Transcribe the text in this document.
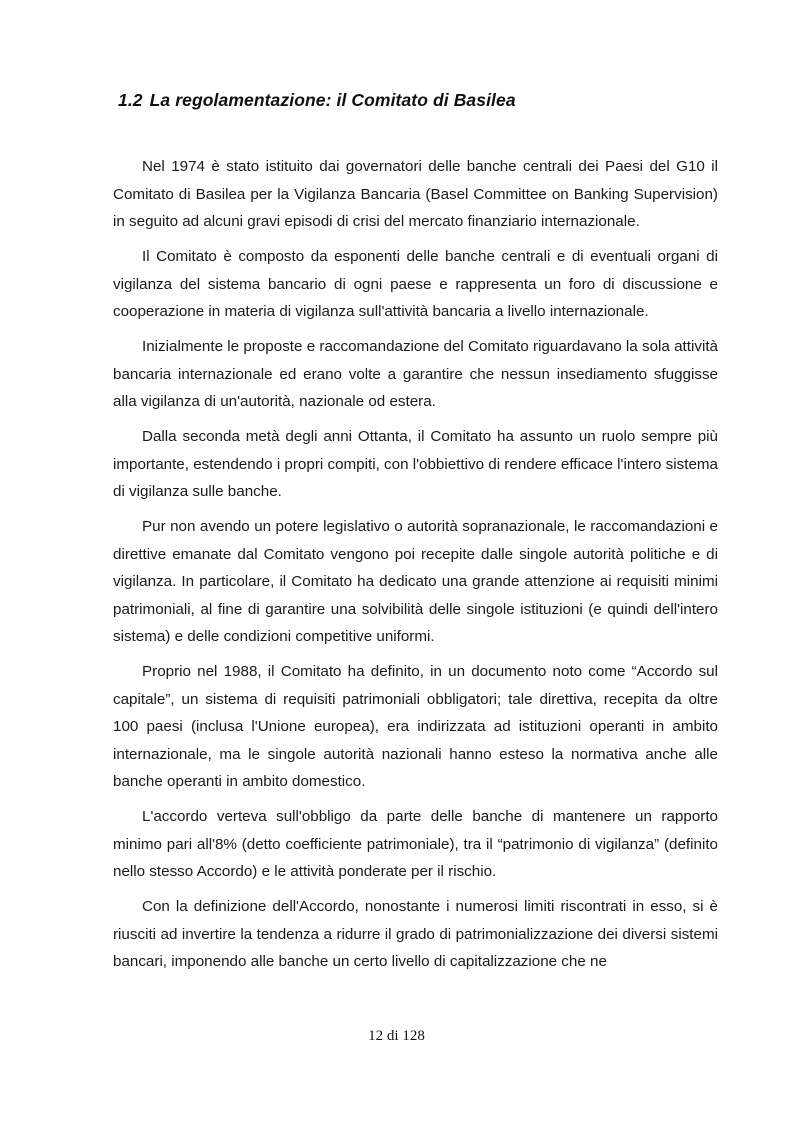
1.2 La regolamentazione: il Comitato di Basilea

Nel 1974 è stato istituito dai governatori delle banche centrali dei Paesi del G10 il Comitato di Basilea per la Vigilanza Bancaria (Basel Committee on Banking Supervision) in seguito ad alcuni gravi episodi di crisi del mercato finanziario internazionale.

Il Comitato è composto da esponenti delle banche centrali e di eventuali organi di vigilanza del sistema bancario di ogni paese e rappresenta un foro di discussione e cooperazione in materia di vigilanza sull'attività bancaria a livello internazionale.

Inizialmente le proposte e raccomandazione del Comitato riguardavano la sola attività bancaria internazionale ed erano volte a garantire che nessun insediamento sfuggisse alla vigilanza di un'autorità, nazionale od estera.

Dalla seconda metà degli anni Ottanta, il Comitato ha assunto un ruolo sempre più importante, estendendo i propri compiti, con l'obbiettivo di rendere efficace l'intero sistema di vigilanza sulle banche.

Pur non avendo un potere legislativo o autorità sopranazionale, le raccomandazioni e direttive emanate dal Comitato vengono poi recepite dalle singole autorità politiche e di vigilanza. In particolare, il Comitato ha dedicato una grande attenzione ai requisiti minimi patrimoniali, al fine di garantire una solvibilità delle singole istituzioni (e quindi dell'intero sistema) e delle condizioni competitive uniformi.

Proprio nel 1988, il Comitato ha definito, in un documento noto come “Accordo sul capitale”, un sistema di requisiti patrimoniali obbligatori; tale direttiva, recepita da oltre 100 paesi (inclusa l'Unione europea), era indirizzata ad istituzioni operanti in ambito internazionale, ma le singole autorità nazionali hanno esteso la normativa anche alle banche operanti in ambito domestico.

L'accordo verteva sull'obbligo da parte delle banche di mantenere un rapporto minimo pari all'8% (detto coefficiente patrimoniale), tra il “patrimonio di vigilanza” (definito nello stesso Accordo) e le attività ponderate per il rischio.

Con la definizione dell'Accordo, nonostante i numerosi limiti riscontrati in esso, si è riusciti ad invertire la tendenza a ridurre il grado di patrimonializzazione dei diversi sistemi bancari, imponendo alle banche un certo livello di capitalizzazione che ne

12 di 128
